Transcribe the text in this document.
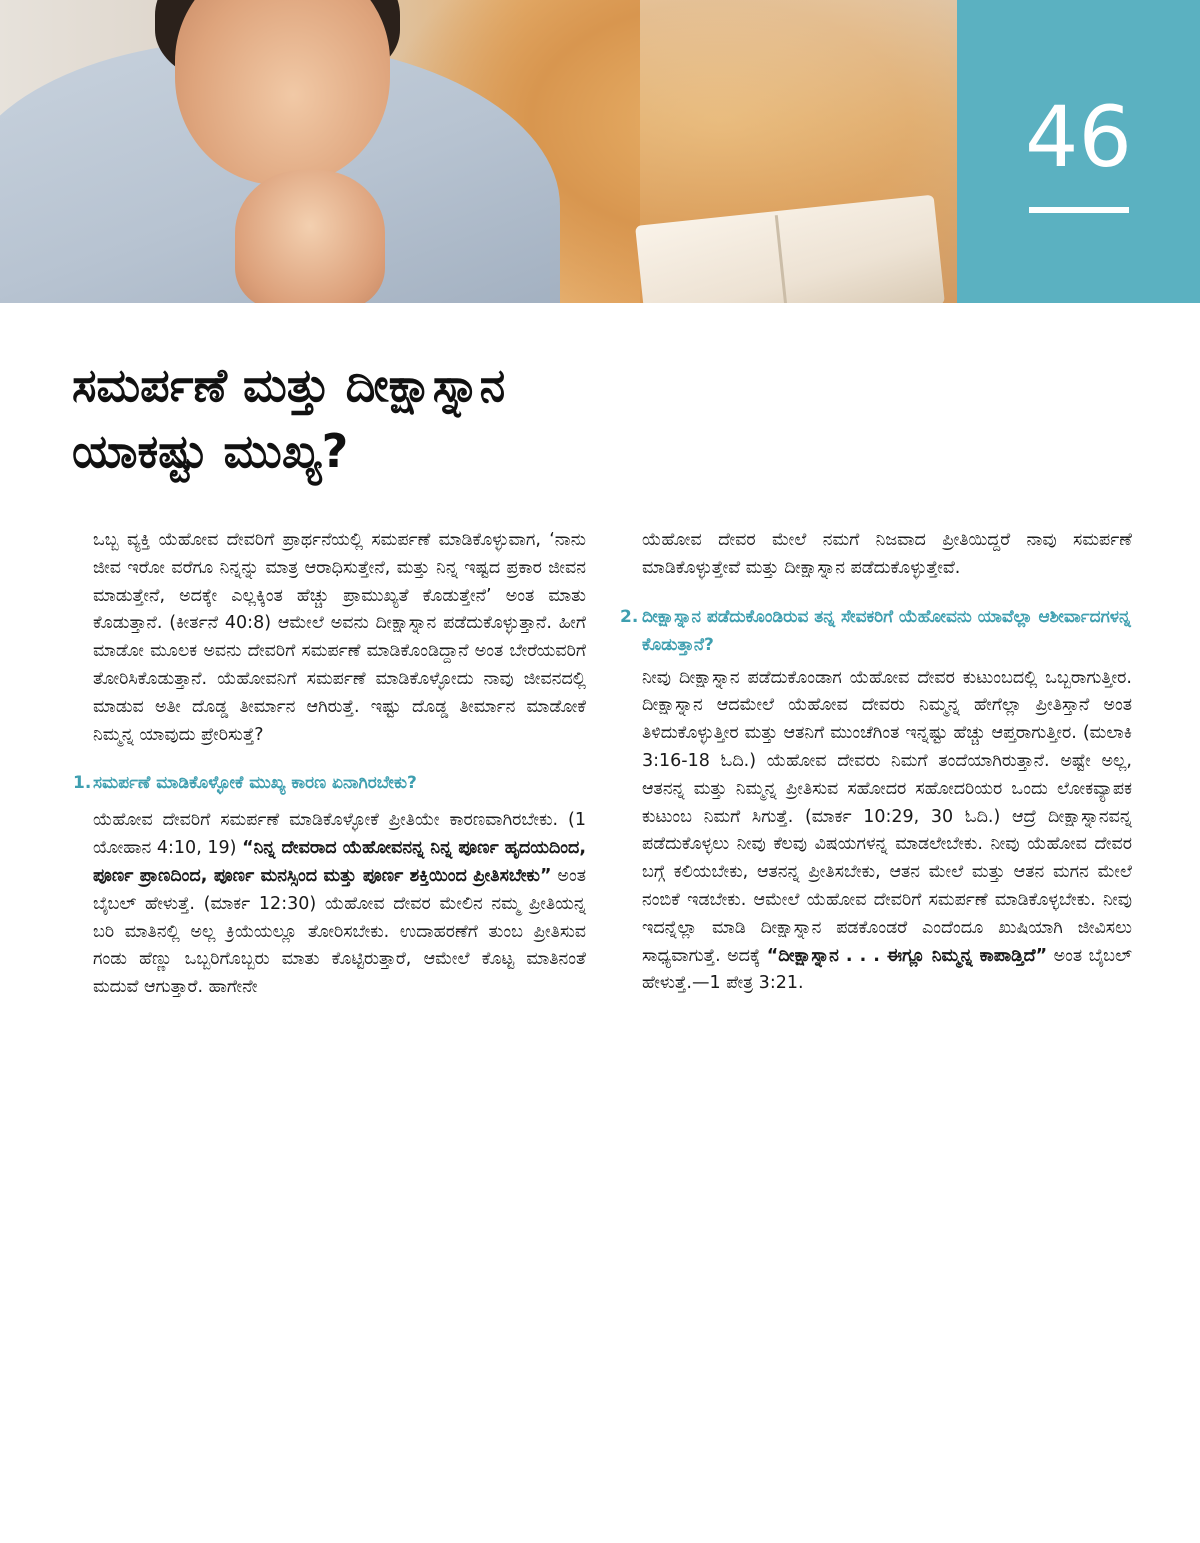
46
ಸಮರ್ಪಣೆ ಮತ್ತು ದೀಕ್ಷಾಸ್ನಾನ
ಯಾಕಷ್ಟು ಮುಖ್ಯ?

ಒಬ್ಬ ವ್ಯಕ್ತಿ ಯೆಹೋವ ದೇವರಿಗೆ ಪ್ರಾರ್ಥನೆಯಲ್ಲಿ ಸಮರ್ಪಣೆ ಮಾಡಿಕೊಳ್ಳುವಾಗ, ‘ನಾನು ಜೀವ ಇರೋ ವರೆಗೂ ನಿನ್ನನ್ನು ಮಾತ್ರ ಆರಾಧಿಸುತ್ತೇನೆ, ಮತ್ತು ನಿನ್ನ ಇಷ್ಟದ ಪ್ರಕಾರ ಜೀವನ ಮಾಡುತ್ತೇನೆ, ಅದಕ್ಕೇ ಎಲ್ಲಕ್ಕಿಂತ ಹೆಚ್ಚು ಪ್ರಾಮುಖ್ಯತೆ ಕೊಡುತ್ತೇನೆ’ ಅಂತ ಮಾತು ಕೊಡುತ್ತಾನೆ. (ಕೀರ್ತನೆ 40:8) ಆಮೇಲೆ ಅವನು ದೀಕ್ಷಾಸ್ನಾನ ಪಡೆದುಕೊಳ್ಳುತ್ತಾನೆ. ಹೀಗೆ ಮಾಡೋ ಮೂಲಕ ಅವನು ದೇವರಿಗೆ ಸಮರ್ಪಣೆ ಮಾಡಿಕೊಂಡಿದ್ದಾನೆ ಅಂತ ಬೇರೆಯವರಿಗೆ ತೋರಿಸಿಕೊಡುತ್ತಾನೆ. ಯೆಹೋವನಿಗೆ ಸಮರ್ಪಣೆ ಮಾಡಿಕೊಳ್ಳೋದು ನಾವು ಜೀವನದಲ್ಲಿ ಮಾಡುವ ಅತೀ ದೊಡ್ಡ ತೀರ್ಮಾನ ಆಗಿರುತ್ತೆ. ಇಷ್ಟು ದೊಡ್ಡ ತೀರ್ಮಾನ ಮಾಡೋಕೆ ನಿಮ್ಮನ್ನ ಯಾವುದು ಪ್ರೇರಿಸುತ್ತೆ?

1. ಸಮರ್ಪಣೆ ಮಾಡಿಕೊಳ್ಳೋಕೆ ಮುಖ್ಯ ಕಾರಣ ಏನಾಗಿರಬೇಕು?

ಯೆಹೋವ ದೇವರಿಗೆ ಸಮರ್ಪಣೆ ಮಾಡಿಕೊಳ್ಳೋಕೆ ಪ್ರೀತಿಯೇ ಕಾರಣವಾಗಿರಬೇಕು. (1 ಯೋಹಾನ 4:10, 19) “ನಿನ್ನ ದೇವರಾದ ಯೆಹೋವನನ್ನ ನಿನ್ನ ಪೂರ್ಣ ಹೃದಯದಿಂದ, ಪೂರ್ಣ ಪ್ರಾಣದಿಂದ, ಪೂರ್ಣ ಮನಸ್ಸಿಂದ ಮತ್ತು ಪೂರ್ಣ ಶಕ್ತಿಯಿಂದ ಪ್ರೀತಿಸಬೇಕು” ಅಂತ ಬೈಬಲ್ ಹೇಳುತ್ತೆ. (ಮಾರ್ಕ 12:30) ಯೆಹೋವ ದೇವರ ಮೇಲಿನ ನಮ್ಮ ಪ್ರೀತಿಯನ್ನ ಬರಿ ಮಾತಿನಲ್ಲಿ ಅಲ್ಲ ಕ್ರಿಯೆಯಲ್ಲೂ ತೋರಿಸಬೇಕು. ಉದಾಹರಣೆಗೆ ತುಂಬ ಪ್ರೀತಿಸುವ ಗಂಡು ಹೆಣ್ಣು ಒಬ್ಬರಿಗೊಬ್ಬರು ಮಾತು ಕೊಟ್ಟಿರುತ್ತಾರೆ, ಆಮೇಲೆ ಕೊಟ್ಟ ಮಾತಿನಂತೆ ಮದುವೆ ಆಗುತ್ತಾರೆ. ಹಾಗೇನೇ

ಯೆಹೋವ ದೇವರ ಮೇಲೆ ನಮಗೆ ನಿಜವಾದ ಪ್ರೀತಿಯಿದ್ದರೆ ನಾವು ಸಮರ್ಪಣೆ ಮಾಡಿಕೊಳ್ಳುತ್ತೇವೆ ಮತ್ತು ದೀಕ್ಷಾಸ್ನಾನ ಪಡೆದುಕೊಳ್ಳುತ್ತೇವೆ.

2. ದೀಕ್ಷಾಸ್ನಾನ ಪಡೆದುಕೊಂಡಿರುವ ತನ್ನ ಸೇವಕರಿಗೆ ಯೆಹೋವನು ಯಾವೆಲ್ಲಾ ಆಶೀರ್ವಾದಗಳನ್ನ ಕೊಡುತ್ತಾನೆ?

ನೀವು ದೀಕ್ಷಾಸ್ನಾನ ಪಡೆದುಕೊಂಡಾಗ ಯೆಹೋವ ದೇವರ ಕುಟುಂಬದಲ್ಲಿ ಒಬ್ಬರಾಗುತ್ತೀರ. ದೀಕ್ಷಾಸ್ನಾನ ಆದಮೇಲೆ ಯೆಹೋವ ದೇವರು ನಿಮ್ಮನ್ನ ಹೇಗೆಲ್ಲಾ ಪ್ರೀತಿಸ್ತಾನೆ ಅಂತ ತಿಳಿದುಕೊಳ್ಳುತ್ತೀರ ಮತ್ತು ಆತನಿಗೆ ಮುಂಚೆಗಿಂತ ಇನ್ನಷ್ಟು ಹೆಚ್ಚು ಆಪ್ತರಾಗುತ್ತೀರ. (ಮಲಾಕಿ 3:16-18 ಓದಿ.) ಯೆಹೋವ ದೇವರು ನಿಮಗೆ ತಂದೆಯಾಗಿರುತ್ತಾನೆ. ಅಷ್ಟೇ ಅಲ್ಲ, ಆತನನ್ನ ಮತ್ತು ನಿಮ್ಮನ್ನ ಪ್ರೀತಿಸುವ ಸಹೋದರ ಸಹೋದರಿಯರ ಒಂದು ಲೋಕವ್ಯಾಪಕ ಕುಟುಂಬ ನಿಮಗೆ ಸಿಗುತ್ತೆ. (ಮಾರ್ಕ 10:29, 30 ಓದಿ.) ಆದ್ರೆ ದೀಕ್ಷಾಸ್ನಾನವನ್ನ ಪಡೆದುಕೊಳ್ಳಲು ನೀವು ಕೆಲವು ವಿಷಯಗಳನ್ನ ಮಾಡಲೇಬೇಕು. ನೀವು ಯೆಹೋವ ದೇವರ ಬಗ್ಗೆ ಕಲಿಯಬೇಕು, ಆತನನ್ನ ಪ್ರೀತಿಸಬೇಕು, ಆತನ ಮೇಲೆ ಮತ್ತು ಆತನ ಮಗನ ಮೇಲೆ ನಂಬಿಕೆ ಇಡಬೇಕು. ಆಮೇಲೆ ಯೆಹೋವ ದೇವರಿಗೆ ಸಮರ್ಪಣೆ ಮಾಡಿಕೊಳ್ಳಬೇಕು. ನೀವು ಇದನ್ನೆಲ್ಲಾ ಮಾಡಿ ದೀಕ್ಷಾಸ್ನಾನ ಪಡಕೊಂಡರೆ ಎಂದೆಂದೂ ಖುಷಿಯಾಗಿ ಜೀವಿಸಲು ಸಾಧ್ಯವಾಗುತ್ತೆ. ಅದಕ್ಕೆ “ದೀಕ್ಷಾಸ್ನಾನ . . . ಈಗ್ಲೂ ನಿಮ್ಮನ್ನ ಕಾಪಾಡ್ತಿದೆ” ಅಂತ ಬೈಬಲ್ ಹೇಳುತ್ತೆ.—1 ಪೇತ್ರ 3:21.
